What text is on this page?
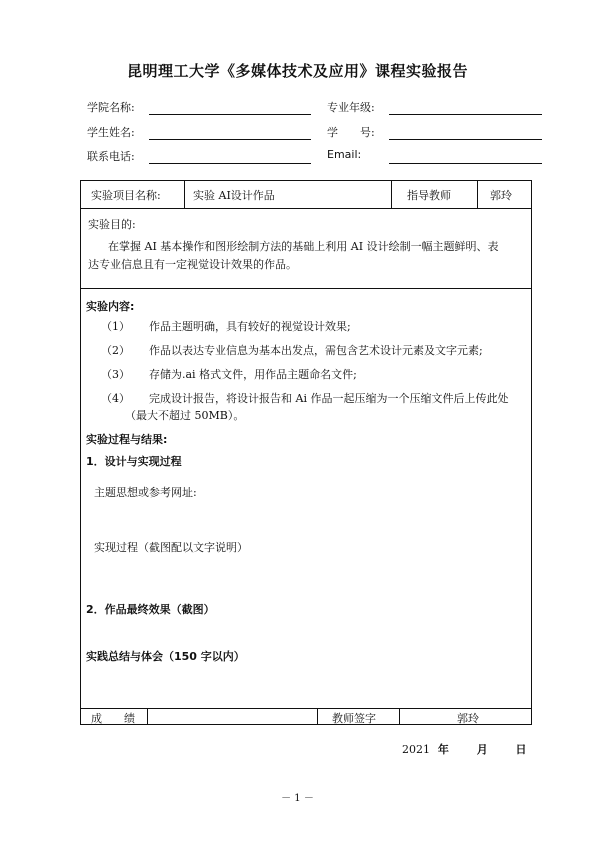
昆明理工大学《多媒体技术及应用》课程实验报告
学院名称:	专业年级:
学生姓名:	学　　号:
联系电话:	Email:
实验项目名称:	实验 AI设计作品	指导教师	郭玲
实验目的:
在掌握 AI 基本操作和图形绘制方法的基础上利用 AI 设计绘制一幅主题鲜明、表
达专业信息且有一定视觉设计效果的作品。
实验内容:
（1） 作品主题明确，具有较好的视觉设计效果;
（2） 作品以表达专业信息为基本出发点，需包含艺术设计元素及文字元素;
（3） 存储为.ai 格式文件，用作品主题命名文件;
（4） 完成设计报告，将设计报告和 Ai 作品一起压缩为一个压缩文件后上传此处
（最大不超过 50MB）。
实验过程与结果:
1．设计与实现过程
主题思想或参考网址:
实现过程（截图配以文字说明）
2．作品最终效果（截图）
实践总结与体会（150 字以内）
成　　绩	教师签字	郭玲
2021 年	月	日
－ 1 －
